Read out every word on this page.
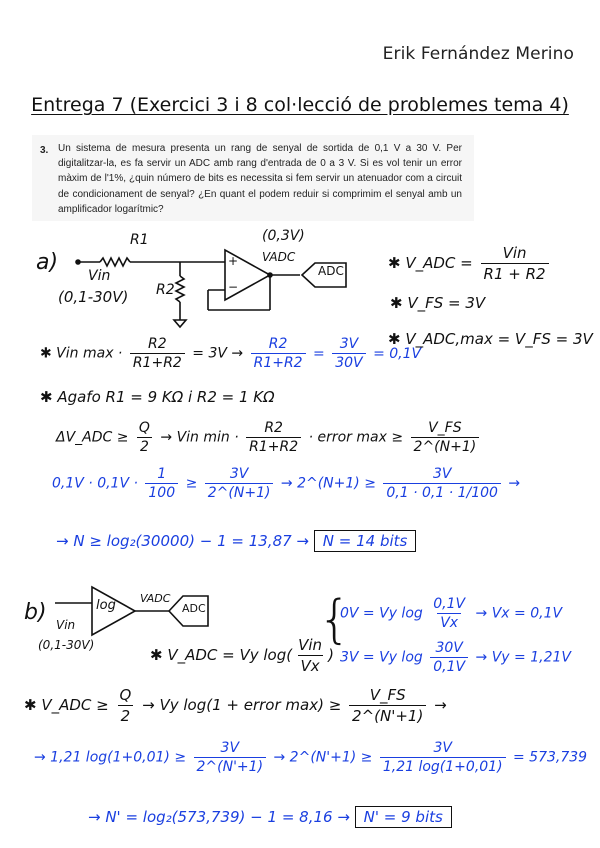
Erik Fernández Merino
Entrega 7 (Exercici 3 i 8 col·lecció de problemes tema 4)
3. Un sistema de mesura presenta un rang de senyal de sortida de 0,1 V a 30 V. Per digitalitzar-la, es fa servir un ADC amb rang d'entrada de 0 a 3 V. Si es vol tenir un error màxim de l'1%, ¿quin número de bits es necessita si fem servir un atenuador com a circuit de condicionament de senyal? ¿En quant el podem reduir si comprimim el senyal amb un amplificador logarítmic?
a)
R1
R2
Vin
(0,1-30V)
(0,3V)
VADC
ADC
+
−
✱ V_ADC = $\frac{\text{Vin}}{R1 + R2}$
✱ V_FS = 3V
✱ V_ADC,max = V_FS = 3V
✱ Vin $\max \cdot \frac{R2}{R1+R2} = 3V \to \frac{R2}{R1+R2} = \frac{3V}{30V} = 0,1V$
✱ Agafo R1 = 9 KΩ i R2 = 1 KΩ
ΔV_ADC ≥ $\frac{Q}{2}$ → Vin $\min \cdot \frac{R2}{R1+R2}$ · error $\max \ge \frac{V\_FS}{2\^{}(N+1)}$
$0,1V \cdot 0,1V \cdot \frac{1}{100} \ge \frac{3V}{2\^{}(N+1)}$ → 2^(N+1) ≥ $\frac{3V}{0,1 \cdot 0,1 \cdot 1/100}$ →
→ N ≥ log₂(30000) − 1 = 13,87 → N = 14 bits
b)	log VADC
ADC
Vin
(0,1-30V)
✱ V_ADC = Vy $\log( \frac{\text{Vin}}{Vx}$ )
{
0V = Vy $\log \frac{0,1V}{Vx} \to Vx = 0,1V$
3V = Vy $\log \frac{30V}{0,1V} \to Vy = 1,21V$
✱ V_ADC ≥ $\frac{Q}{2} \to Vy$ log(1 + error $\max) \ge \frac{V\_FS}{2\^{}(N'+1)}$ →
→ 1,21 $\log(1+0,01) \ge \frac{3V}{2\^{}(N'+1)}$ → 2^(N'+1) ≥ $\frac{3V}{1,21 \log(1+0,01)} = 573,739$
→ N' = log₂(573,739) − 1 = 8,16 → N' = 9 bits
